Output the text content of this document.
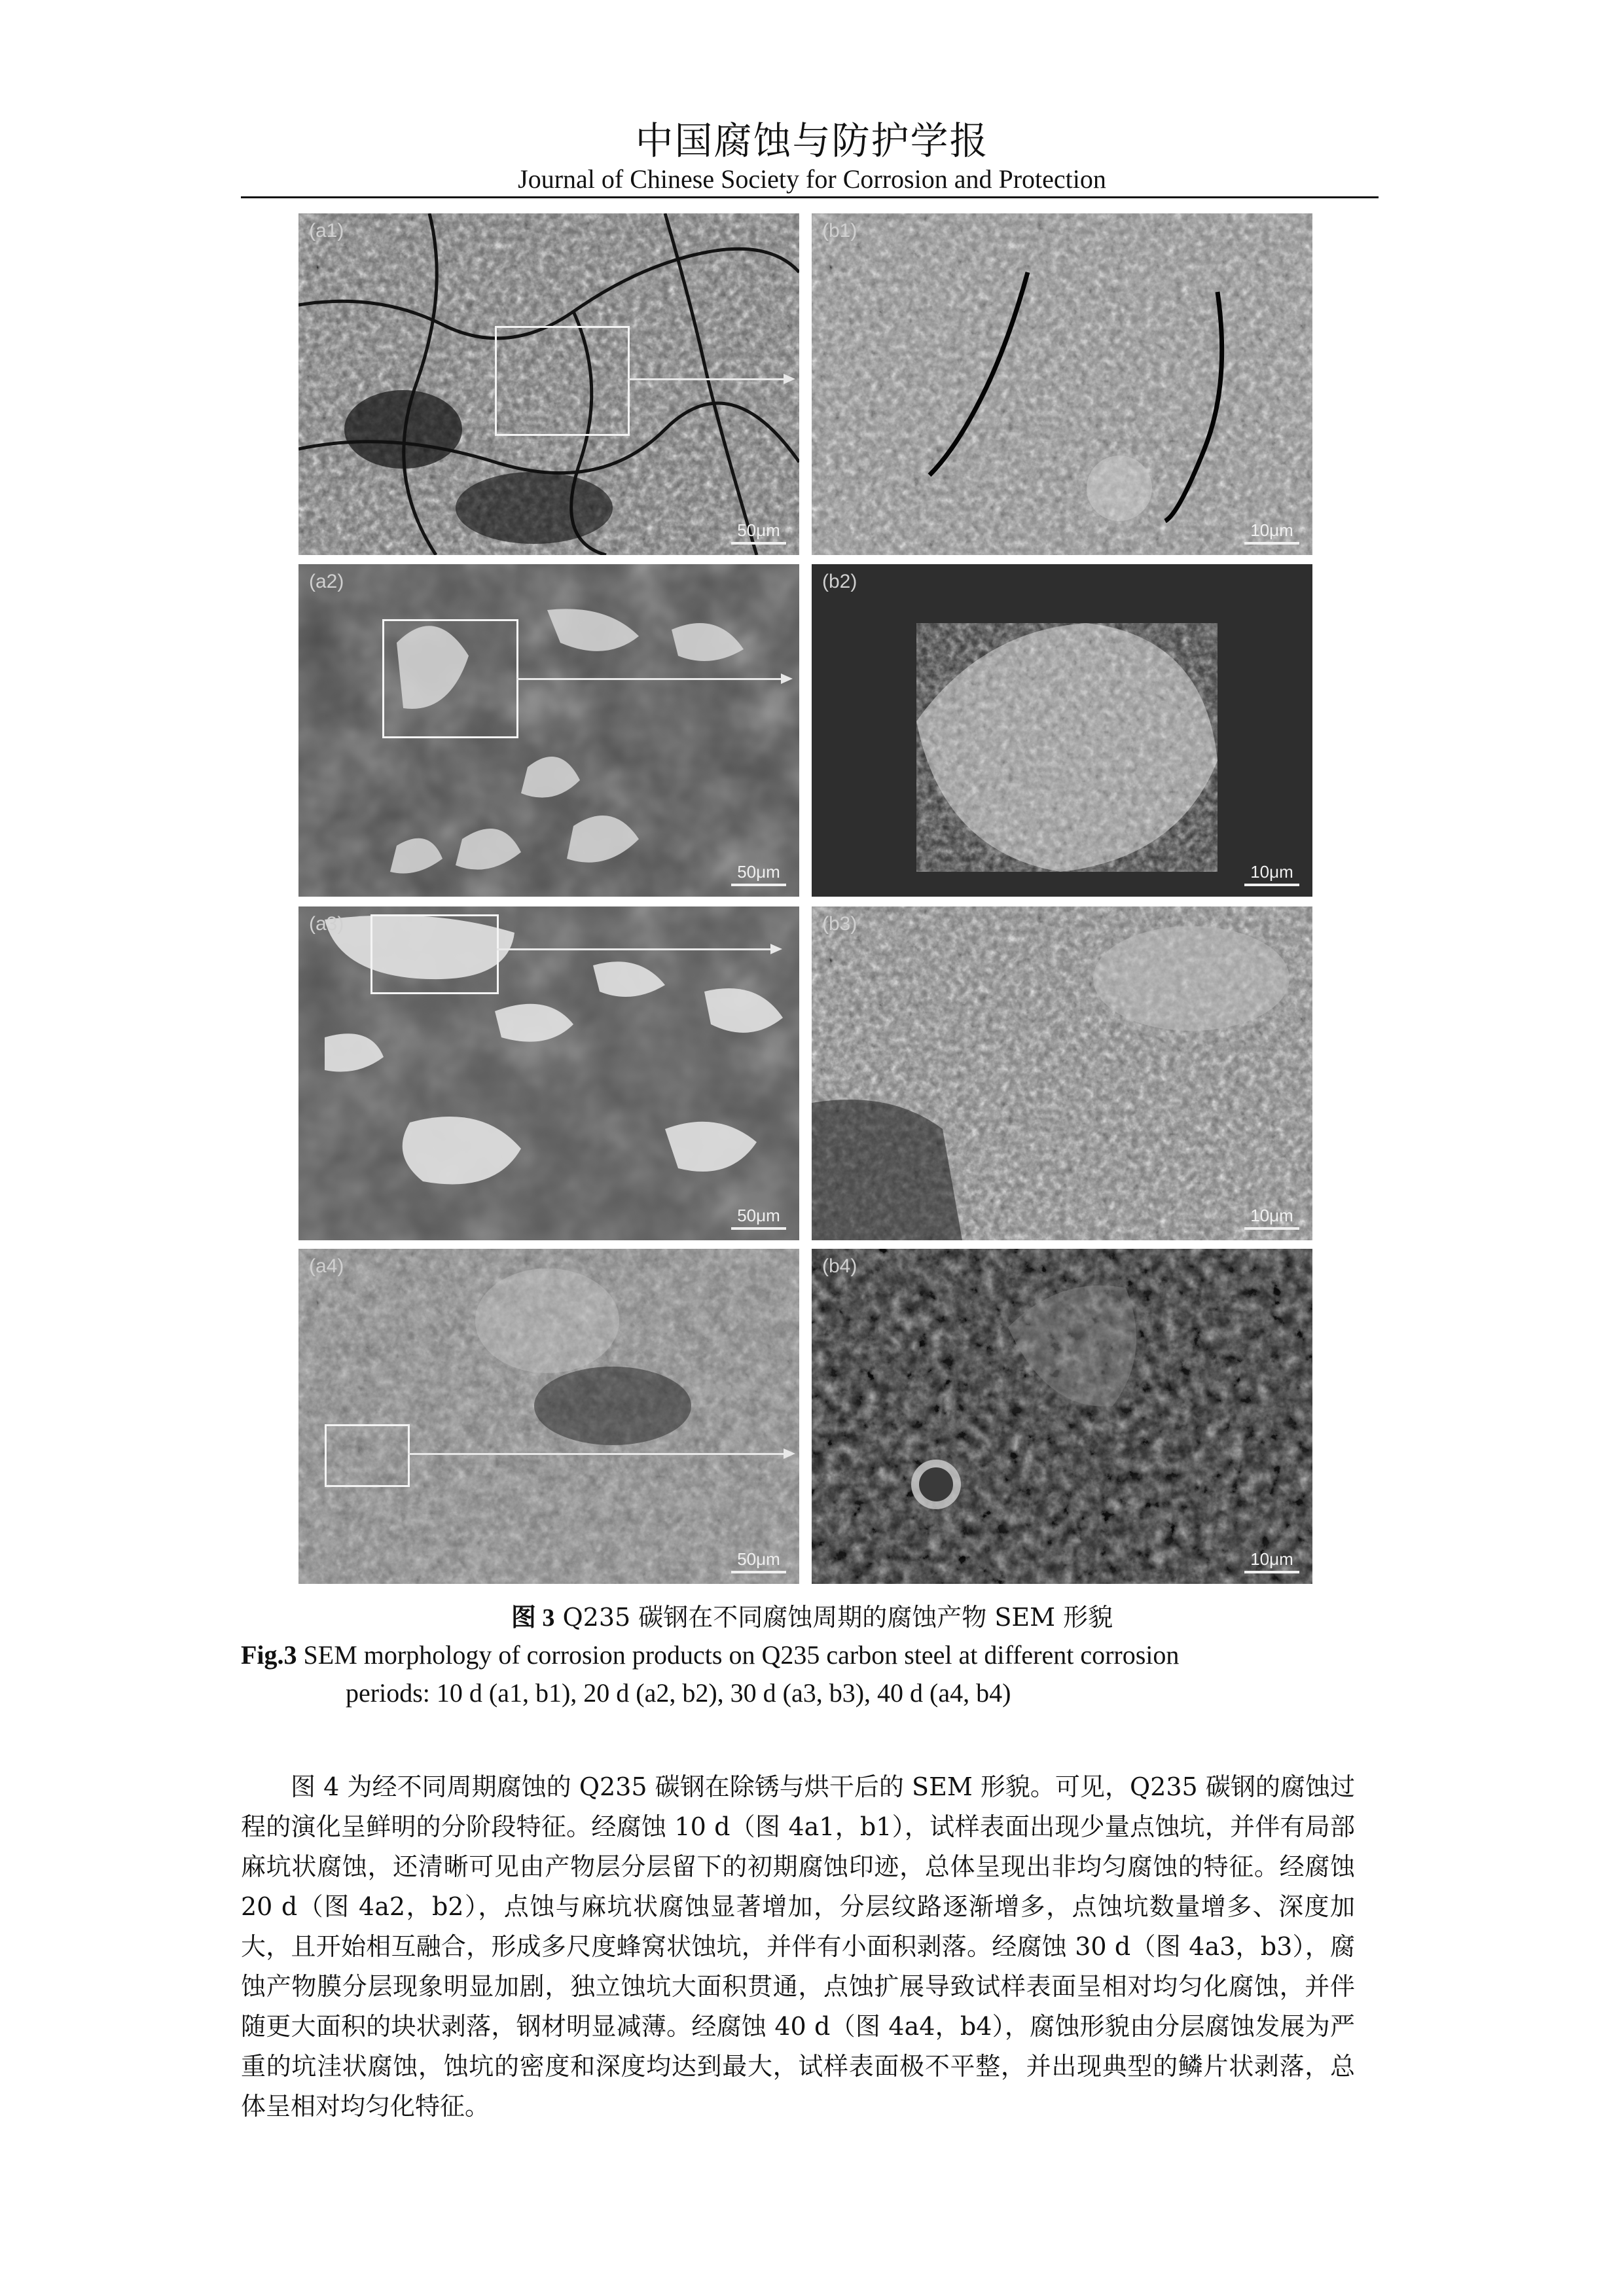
中国腐蚀与防护学报
Journal of Chinese Society for Corrosion and Protection
(a1)
50μm
(b1)
10μm
(a2)
50μm
(b2)
10μm
(a3)
50μm
(b3)
10μm
(a4)
50μm
(b4)
10μm
图 3 Q235 碳钢在不同腐蚀周期的腐蚀产物 SEM 形貌
Fig.3 SEM morphology of corrosion products on Q235 carbon steel at different corrosion
periods: 10 d (a1, b1), 20 d (a2, b2), 30 d (a3, b3), 40 d (a4, b4)
图 4 为经不同周期腐蚀的 Q235 碳钢在除锈与烘干后的 SEM 形貌。可见，Q235 碳钢的腐蚀过程的演化呈鲜明的分阶段特征。经腐蚀 10 d（图 4a1，b1），试样表面出现少量点蚀坑，并伴有局部麻坑状腐蚀，还清晰可见由产物层分层留下的初期腐蚀印迹，总体呈现出非均匀腐蚀的特征。经腐蚀 20 d（图 4a2，b2），点蚀与麻坑状腐蚀显著增加，分层纹路逐渐增多，点蚀坑数量增多、深度加大，且开始相互融合，形成多尺度蜂窝状蚀坑，并伴有小面积剥落。经腐蚀 30 d（图 4a3，b3），腐蚀产物膜分层现象明显加剧，独立蚀坑大面积贯通，点蚀扩展导致试样表面呈相对均匀化腐蚀，并伴随更大面积的块状剥落，钢材明显减薄。经腐蚀 40 d（图 4a4，b4），腐蚀形貌由分层腐蚀发展为严重的坑洼状腐蚀，蚀坑的密度和深度均达到最大，试样表面极不平整，并出现典型的鳞片状剥落，总体呈相对均匀化特征。
